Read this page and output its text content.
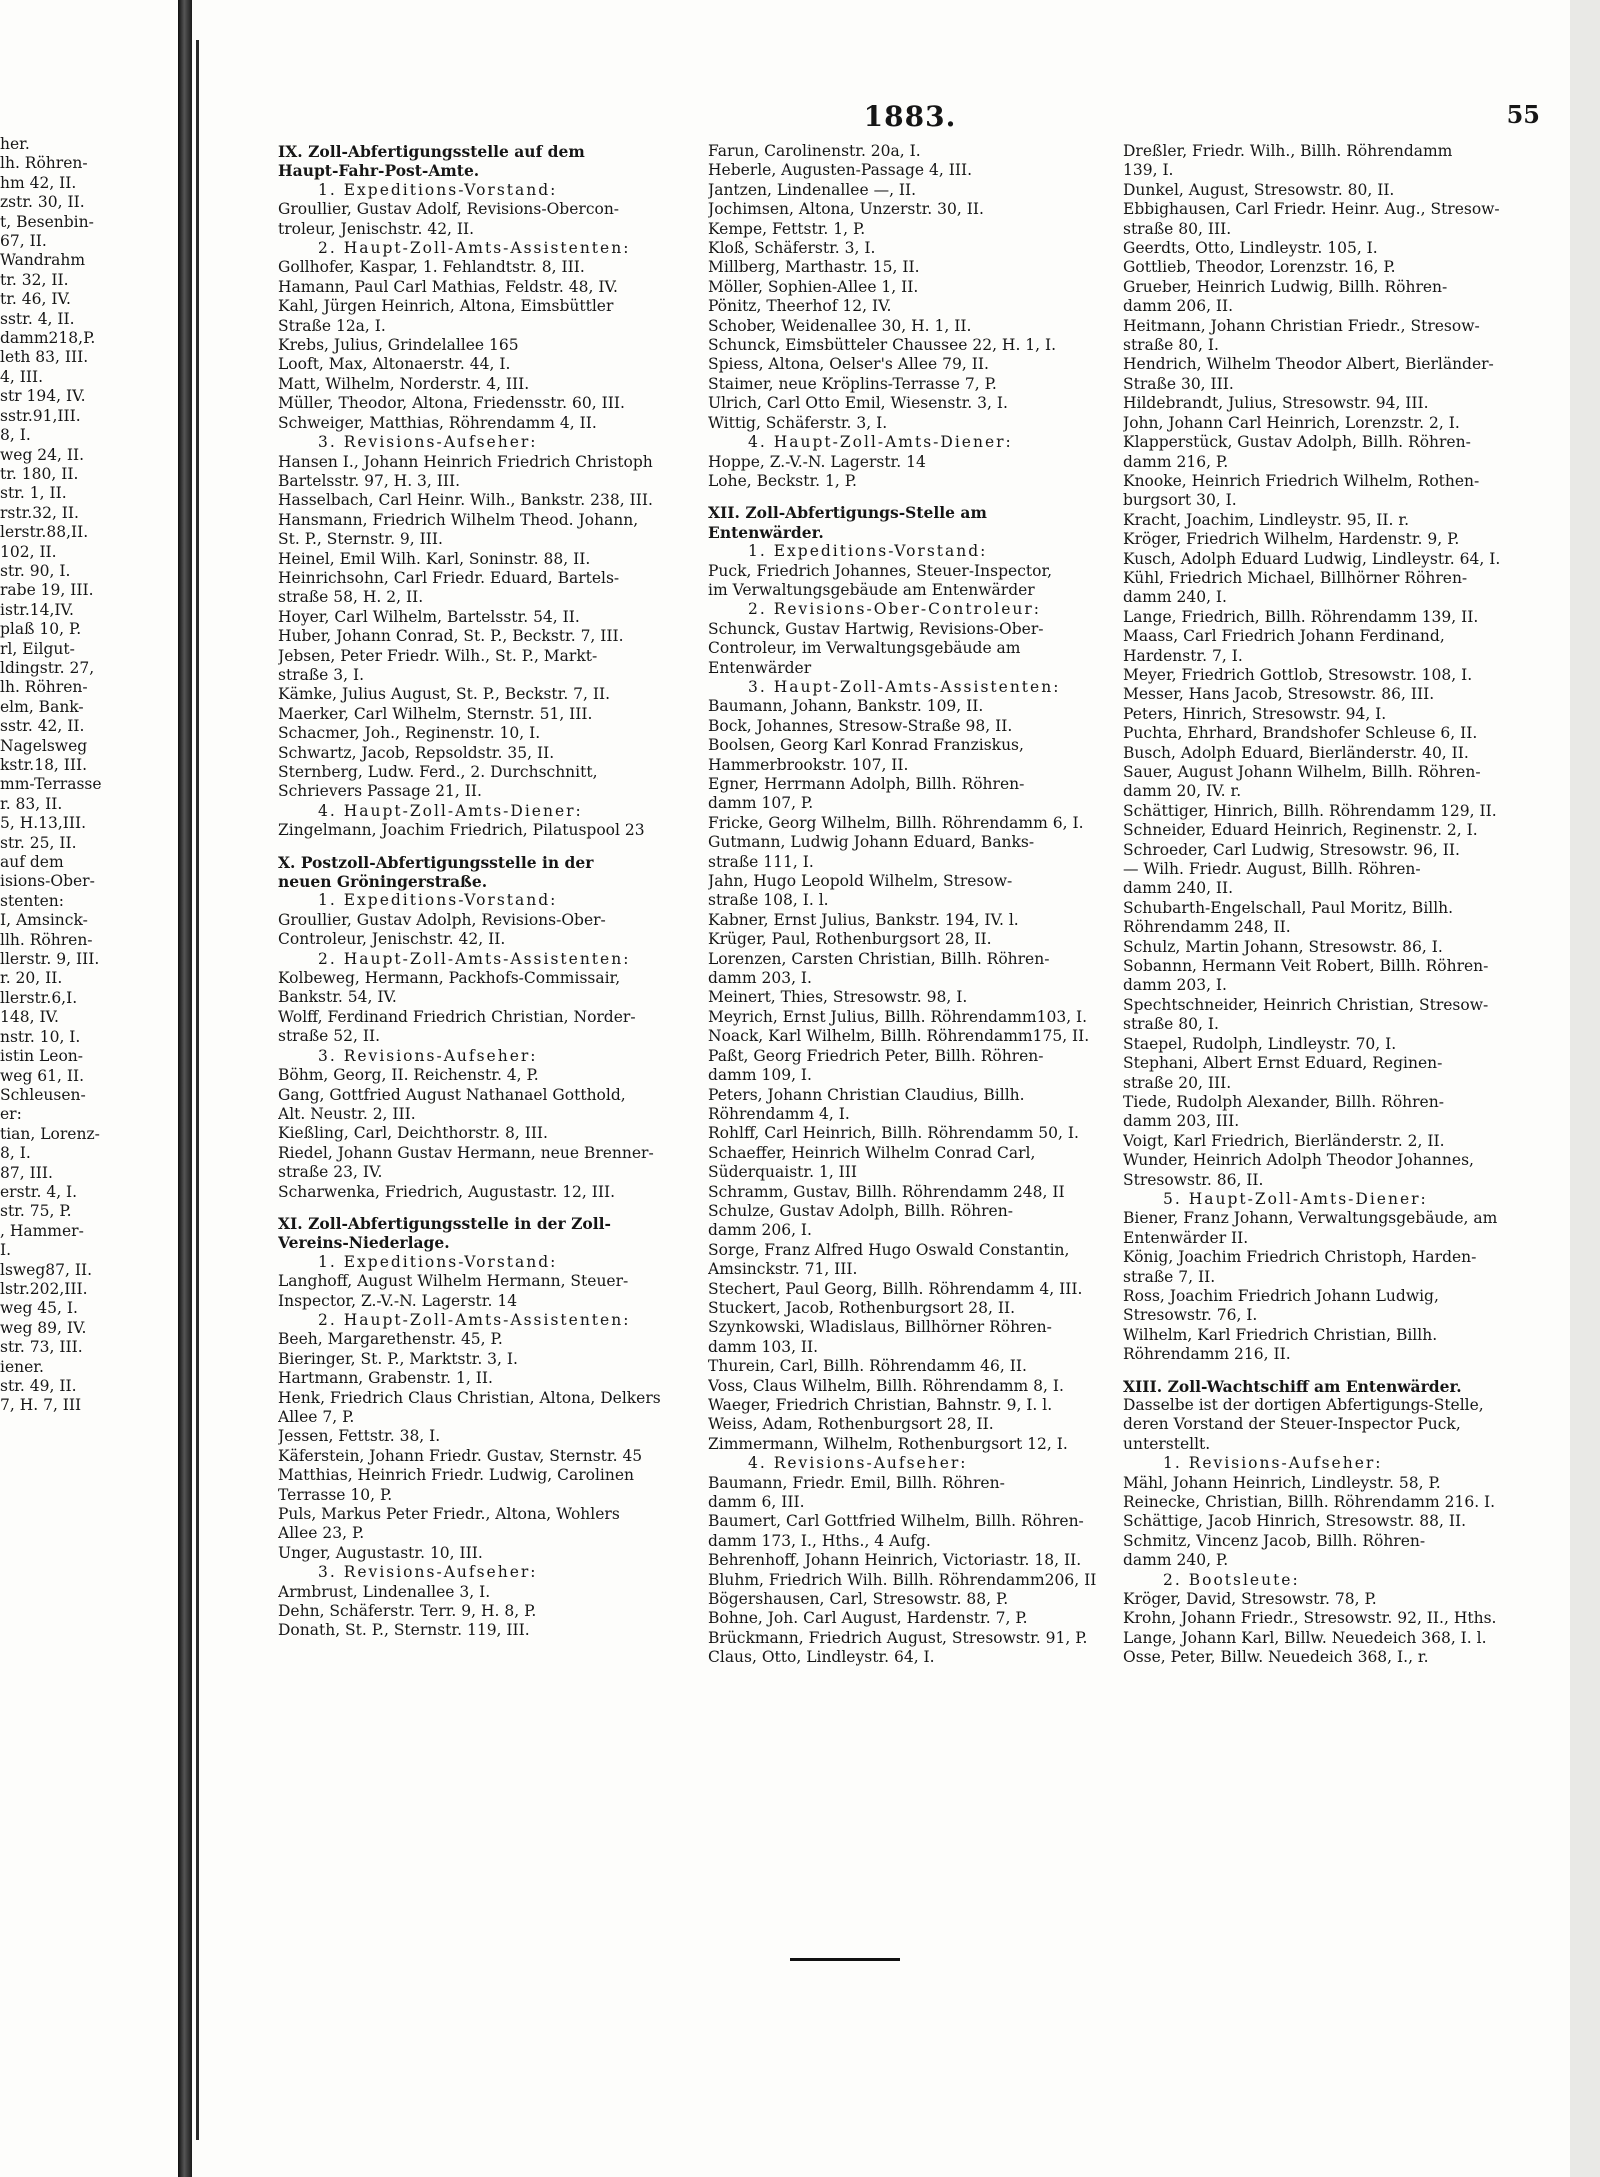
her.
lh. Röhren-
hm 42, II.
zstr. 30, II.
t, Besenbin-
67, II.
Wandrahm
tr. 32, II.
tr. 46, IV.
sstr. 4, II.
damm218,P.
leth 83, III.
4, III.
str 194, IV.
sstr.91,III.
8, I.
weg 24, II.
tr. 180, II.
str. 1, II.
rstr.32, II.
lerstr.88,II.
102, II.
str. 90, I.
rabe 19, III.
istr.14,IV.
plaß 10, P.
rl, Eilgut-
ldingstr. 27,
lh. Röhren-
elm, Bank-
sstr. 42, II.
Nagelsweg
kstr.18, III.
mm-Terrasse
r. 83, II.
5, H.13,III.
str. 25, II.
auf dem
isions-Ober-
stenten:
I, Amsinck-
llh. Röhren-
llerstr. 9, III.
r. 20, II.
llerstr.6,I.
148, IV.
nstr. 10, I.
istin Leon-
weg 61, II.
Schleusen-
er:
tian, Lorenz-
8, I.
87, III.
erstr. 4, I.
str. 75, P.
, Hammer-
I.
lsweg87, II.
lstr.202,III.
weg 45, I.
weg 89, IV.
str. 73, III.
iener.
str. 49, II.
7, H. 7, III
1883.	55
IX. Zoll-Abfertigungsstelle auf dem
Haupt-Fahr-Post-Amte.
1. Expeditions-Vorstand:
Groullier, Gustav Adolf, Revisions-Obercon-
troleur, Jenischstr. 42, II.
2. Haupt-Zoll-Amts-Assistenten:
Gollhofer, Kaspar, 1. Fehlandtstr. 8, III.
Hamann, Paul Carl Mathias, Feldstr. 48, IV.
Kahl, Jürgen Heinrich, Altona, Eimsbüttler
Straße 12a, I.
Krebs, Julius, Grindelallee 165
Looft, Max, Altonaerstr. 44, I.
Matt, Wilhelm, Norderstr. 4, III.
Müller, Theodor, Altona, Friedensstr. 60, III.
Schweiger, Matthias, Röhrendamm 4, II.
3. Revisions-Aufseher:
Hansen I., Johann Heinrich Friedrich Christoph
Bartelsstr. 97, H. 3, III.
Hasselbach, Carl Heinr. Wilh., Bankstr. 238, III.
Hansmann, Friedrich Wilhelm Theod. Johann,
St. P., Sternstr. 9, III.
Heinel, Emil Wilh. Karl, Soninstr. 88, II.
Heinrichsohn, Carl Friedr. Eduard, Bartels-
straße 58, H. 2, II.
Hoyer, Carl Wilhelm, Bartelsstr. 54, II.
Huber, Johann Conrad, St. P., Beckstr. 7, III.
Jebsen, Peter Friedr. Wilh., St. P., Markt-
straße 3, I.
Kämke, Julius August, St. P., Beckstr. 7, II.
Maerker, Carl Wilhelm, Sternstr. 51, III.
Schacmer, Joh., Reginenstr. 10, I.
Schwartz, Jacob, Repsoldstr. 35, II.
Sternberg, Ludw. Ferd., 2. Durchschnitt,
Schrievers Passage 21, II.
4. Haupt-Zoll-Amts-Diener:
Zingelmann, Joachim Friedrich, Pilatuspool 23
X. Postzoll-Abfertigungsstelle in der
neuen Gröningerstraße.
1. Expeditions-Vorstand:
Groullier, Gustav Adolph, Revisions-Ober-
Controleur, Jenischstr. 42, II.
2. Haupt-Zoll-Amts-Assistenten:
Kolbeweg, Hermann, Packhofs-Commissair,
Bankstr. 54, IV.
Wolff, Ferdinand Friedrich Christian, Norder-
straße 52, II.
3. Revisions-Aufseher:
Böhm, Georg, II. Reichenstr. 4, P.
Gang, Gottfried August Nathanael Gotthold,
Alt. Neustr. 2, III.
Kießling, Carl, Deichthorstr. 8, III.
Riedel, Johann Gustav Hermann, neue Brenner-
straße 23, IV.
Scharwenka, Friedrich, Augustastr. 12, III.
XI. Zoll-Abfertigungsstelle in der Zoll-
Vereins-Niederlage.
1. Expeditions-Vorstand:
Langhoff, August Wilhelm Hermann, Steuer-
Inspector, Z.-V.-N. Lagerstr. 14
2. Haupt-Zoll-Amts-Assistenten:
Beeh, Margarethenstr. 45, P.
Bieringer, St. P., Marktstr. 3, I.
Hartmann, Grabenstr. 1, II.
Henk, Friedrich Claus Christian, Altona, Delkers
Allee 7, P.
Jessen, Fettstr. 38, I.
Käferstein, Johann Friedr. Gustav, Sternstr. 45
Matthias, Heinrich Friedr. Ludwig, Carolinen
Terrasse 10, P.
Puls, Markus Peter Friedr., Altona, Wohlers
Allee 23, P.
Unger, Augustastr. 10, III.
3. Revisions-Aufseher:
Armbrust, Lindenallee 3, I.
Dehn, Schäferstr. Terr. 9, H. 8, P.
Donath, St. P., Sternstr. 119, III.
Farun, Carolinenstr. 20a, I.
Heberle, Augusten-Passage 4, III.
Jantzen, Lindenallee —, II.
Jochimsen, Altona, Unzerstr. 30, II.
Kempe, Fettstr. 1, P.
Kloß, Schäferstr. 3, I.
Millberg, Marthastr. 15, II.
Möller, Sophien-Allee 1, II.
Pönitz, Theerhof 12, IV.
Schober, Weidenallee 30, H. 1, II.
Schunck, Eimsbütteler Chaussee 22, H. 1, I.
Spiess, Altona, Oelser's Allee 79, II.
Staimer, neue Kröplins-Terrasse 7, P.
Ulrich, Carl Otto Emil, Wiesenstr. 3, I.
Wittig, Schäferstr. 3, I.
4. Haupt-Zoll-Amts-Diener:
Hoppe, Z.-V.-N. Lagerstr. 14
Lohe, Beckstr. 1, P.
XII. Zoll-Abfertigungs-Stelle am
Entenwärder.
1. Expeditions-Vorstand:
Puck, Friedrich Johannes, Steuer-Inspector,
im Verwaltungsgebäude am Entenwärder
2. Revisions-Ober-Controleur:
Schunck, Gustav Hartwig, Revisions-Ober-
Controleur, im Verwaltungsgebäude am
Entenwärder
3. Haupt-Zoll-Amts-Assistenten:
Baumann, Johann, Bankstr. 109, II.
Bock, Johannes, Stresow-Straße 98, II.
Boolsen, Georg Karl Konrad Franziskus,
Hammerbrookstr. 107, II.
Egner, Herrmann Adolph, Billh. Röhren-
damm 107, P.
Fricke, Georg Wilhelm, Billh. Röhrendamm 6, I.
Gutmann, Ludwig Johann Eduard, Banks-
straße 111, I.
Jahn, Hugo Leopold Wilhelm, Stresow-
straße 108, I. l.
Kabner, Ernst Julius, Bankstr. 194, IV. l.
Krüger, Paul, Rothenburgsort 28, II.
Lorenzen, Carsten Christian, Billh. Röhren-
damm 203, I.
Meinert, Thies, Stresowstr. 98, I.
Meyrich, Ernst Julius, Billh. Röhrendamm103, I.
Noack, Karl Wilhelm, Billh. Röhrendamm175, II.
Paßt, Georg Friedrich Peter, Billh. Röhren-
damm 109, I.
Peters, Johann Christian Claudius, Billh.
Röhrendamm 4, I.
Rohlff, Carl Heinrich, Billh. Röhrendamm 50, I.
Schaeffer, Heinrich Wilhelm Conrad Carl,
Süderquaistr. 1, III
Schramm, Gustav, Billh. Röhrendamm 248, II
Schulze, Gustav Adolph, Billh. Röhren-
damm 206, I.
Sorge, Franz Alfred Hugo Oswald Constantin,
Amsinckstr. 71, III.
Stechert, Paul Georg, Billh. Röhrendamm 4, III.
Stuckert, Jacob, Rothenburgsort 28, II.
Szynkowski, Wladislaus, Billhörner Röhren-
damm 103, II.
Thurein, Carl, Billh. Röhrendamm 46, II.
Voss, Claus Wilhelm, Billh. Röhrendamm 8, I.
Waeger, Friedrich Christian, Bahnstr. 9, I. l.
Weiss, Adam, Rothenburgsort 28, II.
Zimmermann, Wilhelm, Rothenburgsort 12, I.
4. Revisions-Aufseher:
Baumann, Friedr. Emil, Billh. Röhren-
damm 6, III.
Baumert, Carl Gottfried Wilhelm, Billh. Röhren-
damm 173, I., Hths., 4 Aufg.
Behrenhoff, Johann Heinrich, Victoriastr. 18, II.
Bluhm, Friedrich Wilh. Billh. Röhrendamm206, II
Bögershausen, Carl, Stresowstr. 88, P.
Bohne, Joh. Carl August, Hardenstr. 7, P.
Brückmann, Friedrich August, Stresowstr. 91, P.
Claus, Otto, Lindleystr. 64, I.
Dreßler, Friedr. Wilh., Billh. Röhrendamm
139, I.
Dunkel, August, Stresowstr. 80, II.
Ebbighausen, Carl Friedr. Heinr. Aug., Stresow-
straße 80, III.
Geerdts, Otto, Lindleystr. 105, I.
Gottlieb, Theodor, Lorenzstr. 16, P.
Grueber, Heinrich Ludwig, Billh. Röhren-
damm 206, II.
Heitmann, Johann Christian Friedr., Stresow-
straße 80, I.
Hendrich, Wilhelm Theodor Albert, Bierländer-
Straße 30, III.
Hildebrandt, Julius, Stresowstr. 94, III.
John, Johann Carl Heinrich, Lorenzstr. 2, I.
Klapperstück, Gustav Adolph, Billh. Röhren-
damm 216, P.
Knooke, Heinrich Friedrich Wilhelm, Rothen-
burgsort 30, I.
Kracht, Joachim, Lindleystr. 95, II. r.
Kröger, Friedrich Wilhelm, Hardenstr. 9, P.
Kusch, Adolph Eduard Ludwig, Lindleystr. 64, I.
Kühl, Friedrich Michael, Billhörner Röhren-
damm 240, I.
Lange, Friedrich, Billh. Röhrendamm 139, II.
Maass, Carl Friedrich Johann Ferdinand,
Hardenstr. 7, I.
Meyer, Friedrich Gottlob, Stresowstr. 108, I.
Messer, Hans Jacob, Stresowstr. 86, III.
Peters, Hinrich, Stresowstr. 94, I.
Puchta, Ehrhard, Brandshofer Schleuse 6, II.
Busch, Adolph Eduard, Bierländerstr. 40, II.
Sauer, August Johann Wilhelm, Billh. Röhren-
damm 20, IV. r.
Schättiger, Hinrich, Billh. Röhrendamm 129, II.
Schneider, Eduard Heinrich, Reginenstr. 2, I.
Schroeder, Carl Ludwig, Stresowstr. 96, II.
— Wilh. Friedr. August, Billh. Röhren-
damm 240, II.
Schubarth-Engelschall, Paul Moritz, Billh.
Röhrendamm 248, II.
Schulz, Martin Johann, Stresowstr. 86, I.
Sobannn, Hermann Veit Robert, Billh. Röhren-
damm 203, I.
Spechtschneider, Heinrich Christian, Stresow-
straße 80, I.
Staepel, Rudolph, Lindleystr. 70, I.
Stephani, Albert Ernst Eduard, Reginen-
straße 20, III.
Tiede, Rudolph Alexander, Billh. Röhren-
damm 203, III.
Voigt, Karl Friedrich, Bierländerstr. 2, II.
Wunder, Heinrich Adolph Theodor Johannes,
Stresowstr. 86, II.
5. Haupt-Zoll-Amts-Diener:
Biener, Franz Johann, Verwaltungsgebäude, am
Entenwärder II.
König, Joachim Friedrich Christoph, Harden-
straße 7, II.
Ross, Joachim Friedrich Johann Ludwig,
Stresowstr. 76, I.
Wilhelm, Karl Friedrich Christian, Billh.
Röhrendamm 216, II.
XIII. Zoll-Wachtschiff am Entenwärder.
Dasselbe ist der dortigen Abfertigungs-Stelle,
deren Vorstand der Steuer-Inspector Puck,
unterstellt.
1. Revisions-Aufseher:
Mähl, Johann Heinrich, Lindleystr. 58, P.
Reinecke, Christian, Billh. Röhrendamm 216. I.
Schättige, Jacob Hinrich, Stresowstr. 88, II.
Schmitz, Vincenz Jacob, Billh. Röhren-
damm 240, P.
2. Bootsleute:
Kröger, David, Stresowstr. 78, P.
Krohn, Johann Friedr., Stresowstr. 92, II., Hths.
Lange, Johann Karl, Billw. Neuedeich 368, I. l.
Osse, Peter, Billw. Neuedeich 368, I., r.
